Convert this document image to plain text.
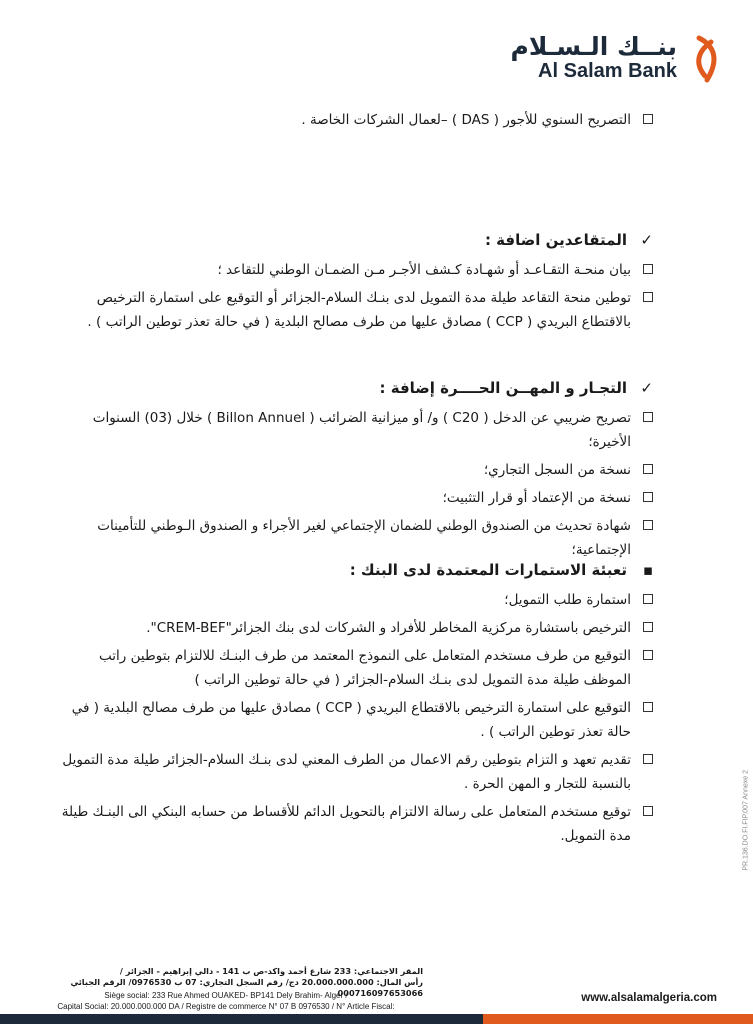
بنــك الـسـلام
Al Salam Bank
التصريح السنوي للأجور ( DAS ) –لعمال الشركات الخاصة .
✓
المتقاعدين اضافة :
بيان منحـة التقـاعـد أو شهـادة كـشف الأجـر مـن الضمـان الوطني للتقاعد ؛
توطين منحة التقاعد طيلة مدة التمويل لدى بنـك السلام-الجزائر أو التوقيع على استمارة الترخيص بالاقتطاع البريدي ( CCP ) مصادق عليها من طرف مصالح البلدية ( في حالة تعذر توطين الراتب ) .
✓
التجـار و المهــن الحــــرة إضافة :
تصريح ضريبي عن الدخل ( C20 ) و/ أو ميزانية الضرائب ( Billon Annuel ) خلال (03) السنوات الأخيرة؛
نسخة من السجل التجاري؛
نسخة من الإعتماد أو قرار التثبيت؛
شهادة تحديث من الصندوق الوطني للضمان الإجتماعي لغير الأجراء و الصندوق الـوطني للتأمينات الإجتماعية؛
▪
تعبئة الاستمارات المعتمدة لدى البنك :
استمارة طلب التمويل؛
الترخيص باستشارة مركزية المخاطر للأفراد و الشركات لدى بنك الجزائر"CREM-BEF".
التوقيع من طرف مستخدم المتعامل على النموذج المعتمد من طرف البنـك للالتزام بتوطين راتب الموظف طيلة مدة التمويل لدى بنـك السلام-الجزائر ( في حالة توطين الراتب )
التوقيع على استمارة الترخيص بالاقتطاع البريدي ( CCP ) مصادق عليها من طرف مصالح البلدية ( في حالة تعذر توطين الراتب ) .
تقديم تعهد و التزام بتوطين رقم الاعمال من الطرف المعني لدى بنـك السلام-الجزائر طيلة مدة التمويل بالنسبة للتجار و المهن الحرة .
توقيع مستخدم المتعامل على رسالة الالتزام بالتحويل الدائم للأقساط من حسابه البنكي الى البنـك طيلة مدة التمويل.	PR.136.DO.FI.FIP.007 Annexe 2
المقر الاجتماعي: 233 شارع أحمد واكد-ص ب 141 - دالي إبراهيم - الجزائر /
رأس المال: 20.000.000.000 دج/ رقم السجل التجاري: 07 ب 0976530/ الرقم الجبائي 000716097653066
Siège social: 233 Rue Ahmed OUAKED- BP141 Dely Brahim- Alger /
Capital Social: 20.000.000.000 DA / Registre de commerce N° 07 B 0976530 / N° Article Fiscal:
www.alsalamalgeria.com
